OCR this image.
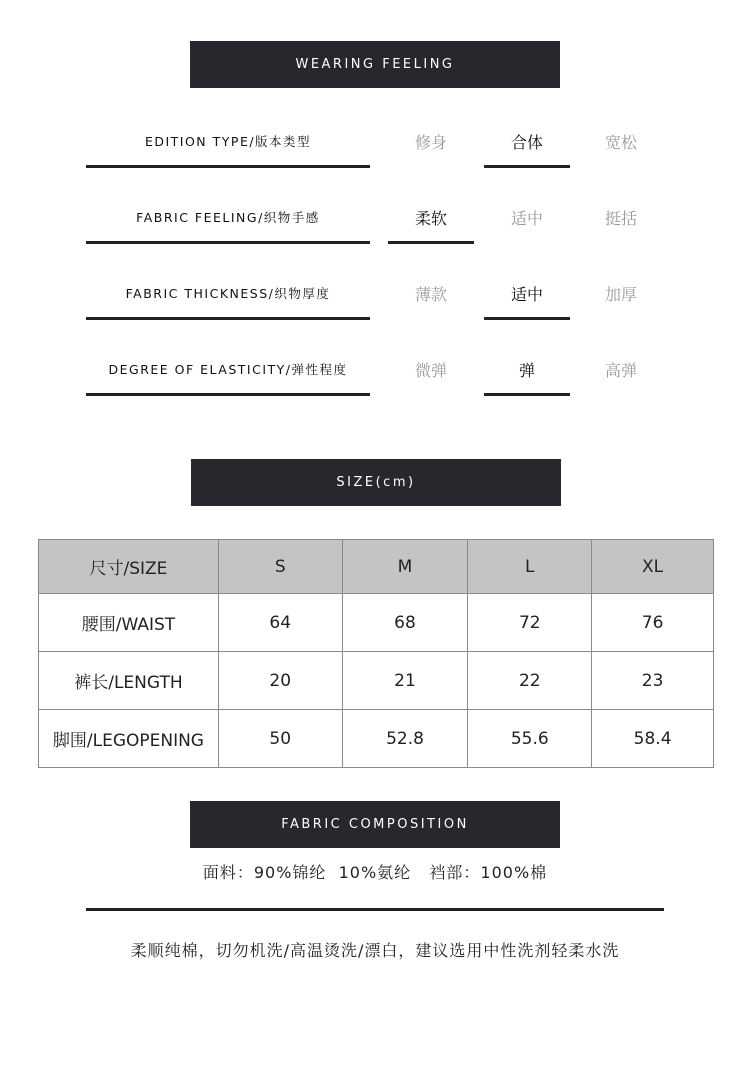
WEARING FEELING
EDITION TYPE/版本类型	修身	合体	宽松
FABRIC FEELING/织物手感	柔软	适中	挺括
FABRIC THICKNESS/织物厚度	薄款	适中	加厚
DEGREE OF ELASTICITY/弹性程度	微弹	弹	高弹
SIZE(cm)
尺寸/SIZE	S	M	L	XL
腰围/WAIST	64	68	72	76
裤长/LENGTH	20	21	22	23
脚围/LEGOPENING	50	52.8	55.6	58.4
FABRIC COMPOSITION
面料：90%锦纶  10%氨纶   裆部：100%棉
柔顺纯棉，切勿机洗/高温烫洗/漂白，建议选用中性洗剂轻柔水洗
